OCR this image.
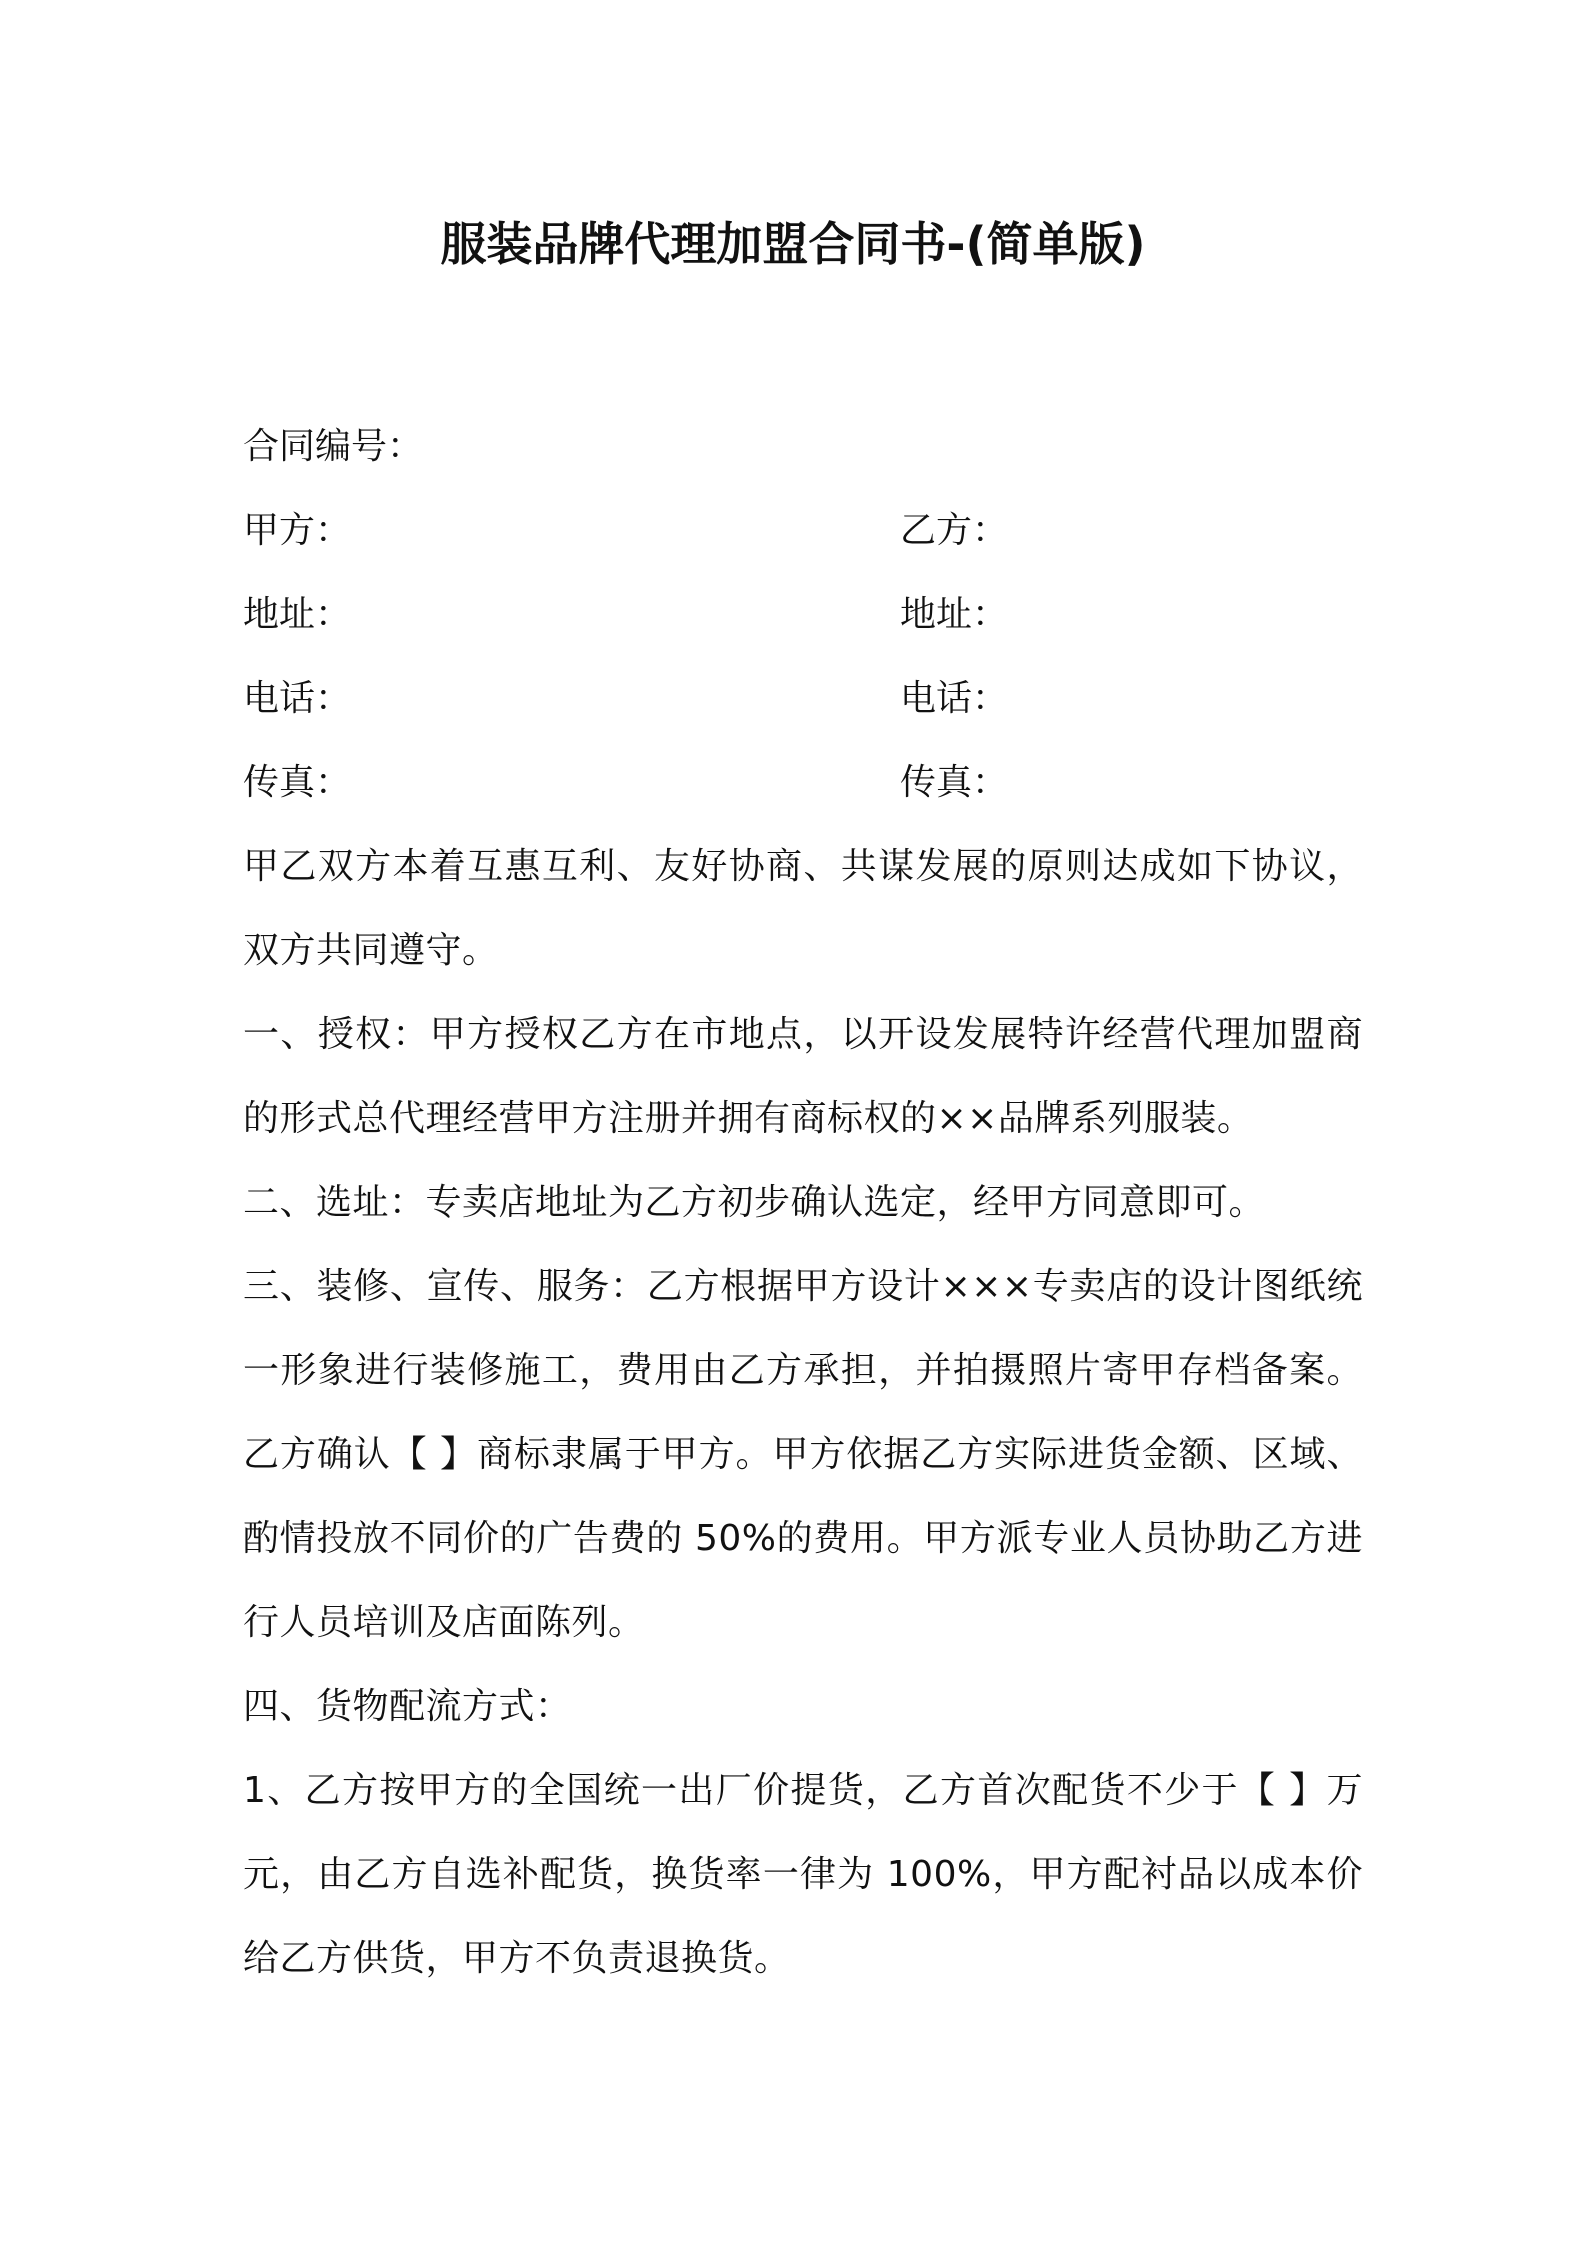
服装品牌代理加盟合同书-(简单版)
合同编号：
甲方：	乙方：
地址：	地址：
电话：	电话：
传真：	传真：

甲乙双方本着互惠互利、友好协商、共谋发展的原则达成如下协议，双方共同遵守。

一、授权：甲方授权乙方在市地点，以开设发展特许经营代理加盟商的形式总代理经营甲方注册并拥有商标权的××品牌系列服装。

二、选址：专卖店地址为乙方初步确认选定，经甲方同意即可。

三、装修、宣传、服务：乙方根据甲方设计×××专卖店的设计图纸统一形象进行装修施工，费用由乙方承担，并拍摄照片寄甲存档备案。乙方确认【 】商标隶属于甲方。甲方依据乙方实际进货金额、区域、酌情投放不同价的广告费的 50%的费用。甲方派专业人员协助乙方进行人员培训及店面陈列。

四、货物配流方式：

1、乙方按甲方的全国统一出厂价提货，乙方首次配货不少于【 】万元，由乙方自选补配货，换货率一律为 100%，甲方配衬品以成本价给乙方供货，甲方不负责退换货。
